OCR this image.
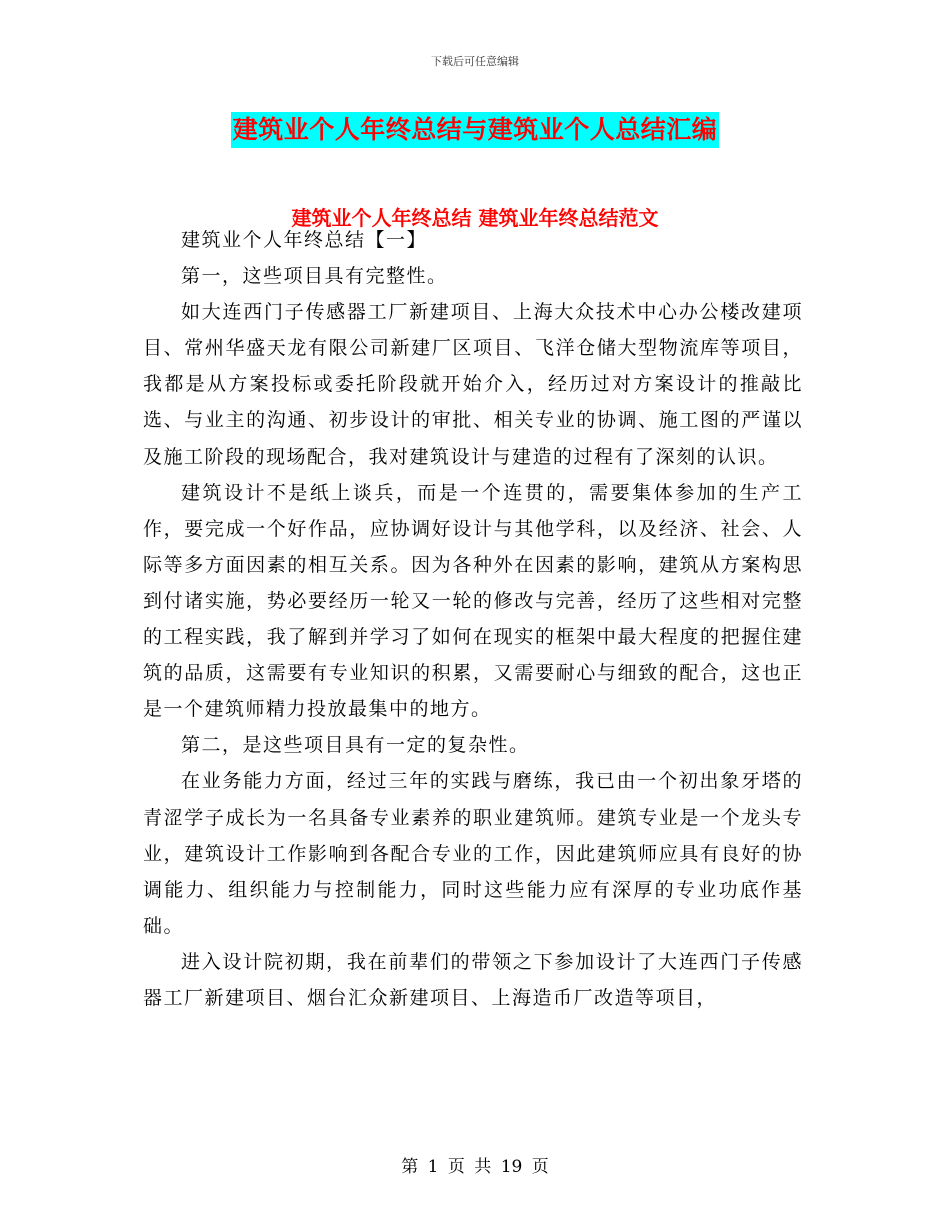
下载后可任意编辑
建筑业个人年终总结与建筑业个人总结汇编
建筑业个人年终总结 建筑业年终总结范文

建筑业个人年终总结【一】

第一，这些项目具有完整性。

如大连西门子传感器工厂新建项目、上海大众技术中心办公楼改建项目、常州华盛天龙有限公司新建厂区项目、飞洋仓储大型物流库等项目，我都是从方案投标或委托阶段就开始介入，经历过对方案设计的推敲比选、与业主的沟通、初步设计的审批、相关专业的协调、施工图的严谨以及施工阶段的现场配合，我对建筑设计与建造的过程有了深刻的认识。

建筑设计不是纸上谈兵，而是一个连贯的，需要集体参加的生产工作，要完成一个好作品，应协调好设计与其他学科，以及经济、社会、人际等多方面因素的相互关系。因为各种外在因素的影响，建筑从方案构思到付诸实施，势必要经历一轮又一轮的修改与完善，经历了这些相对完整的工程实践，我了解到并学习了如何在现实的框架中最大程度的把握住建筑的品质，这需要有专业知识的积累，又需要耐心与细致的配合，这也正是一个建筑师精力投放最集中的地方。

第二，是这些项目具有一定的复杂性。

在业务能力方面，经过三年的实践与磨练，我已由一个初出象牙塔的青涩学子成长为一名具备专业素养的职业建筑师。建筑专业是一个龙头专业，建筑设计工作影响到各配合专业的工作，因此建筑师应具有良好的协调能力、组织能力与控制能力，同时这些能力应有深厚的专业功底作基础。

进入设计院初期，我在前辈们的带领之下参加设计了大连西门子传感器工厂新建项目、烟台汇众新建项目、上海造币厂改造等项目，

第 1 页 共 19 页
